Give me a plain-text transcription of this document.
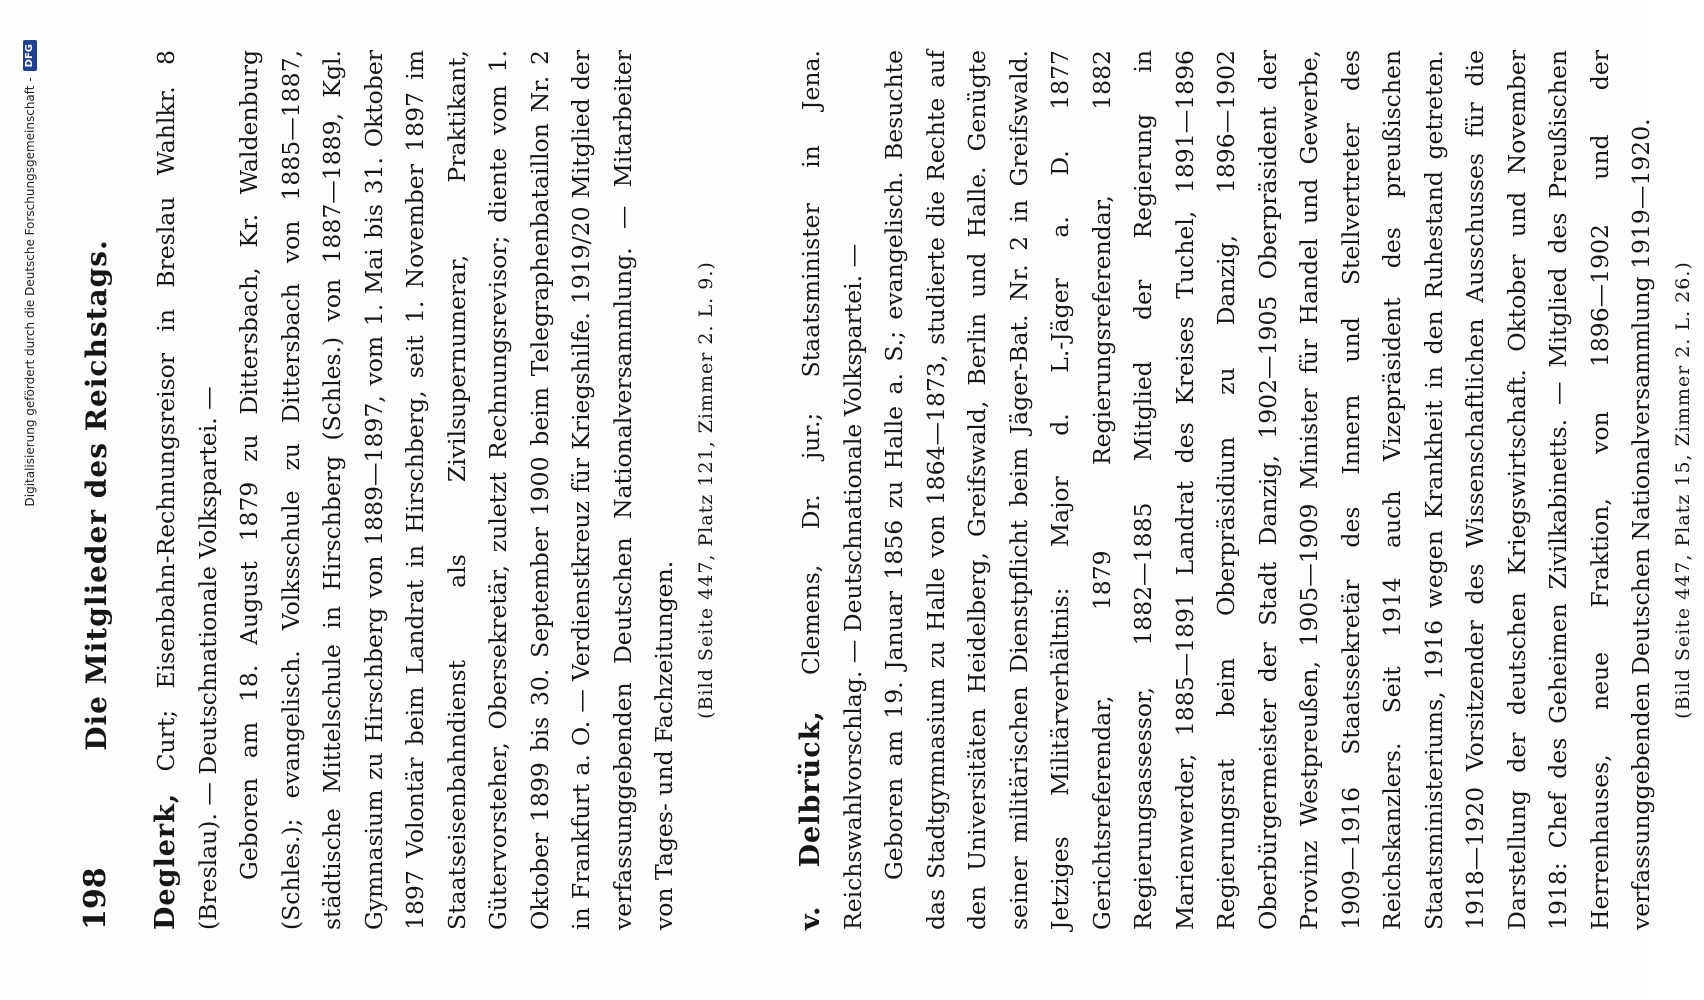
Digitalisierung gefördert durch die Deutsche Forschungsgemeinschaft -
DFG
198
Die Mitglieder des Reichstags.

Deglerk, Curt; Eisenbahn-Rechnungsreisor in Breslau Wahlkr. 8 (Breslau). — Deutschnationale Volkspartei. — Geboren am 18. August 1879 zu Dittersbach, Kr. Waldenburg (Schles.); evangelisch. Volksschule zu Dittersbach von 1885—1887, städtische Mittelschule in Hirschberg (Schles.) von 1887—1889, Kgl. Gymnasium zu Hirschberg von 1889—1897, vom 1. Mai bis 31. Oktober 1897 Volontär beim Landrat in Hirschberg, seit 1. November 1897 im Staatseisenbahndienst als Zivilsupernumerar, Praktikant, Gütervorsteher, Obersekretär, zuletzt Rechnungsrevisor; diente vom 1. Oktober 1899 bis 30. September 1900 beim Telegraphenbataillon Nr. 2 in Frankfurt a. O. — Verdienstkreuz für Kriegshilfe. 1919/20 Mitglied der verfassunggebenden Deutschen Nationalversammlung. — Mitarbeiter von Tages- und Fachzeitungen.

(Bild Seite 447, Platz 121, Zimmer 2. L. 9.)

v. Delbrück, Clemens, Dr. jur.; Staatsminister in Jena. Reichswahlvorschlag. — Deutschnationale Volkspartei. — Geboren am 19. Januar 1856 zu Halle a. S.; evangelisch. Besuchte das Stadtgymnasium zu Halle von 1864—1873, studierte die Rechte auf den Universitäten Heidelberg, Greifswald, Berlin und Halle. Genügte seiner militärischen Dienstpflicht beim Jäger-Bat. Nr. 2 in Greifswald. Jetziges Militärverhältnis: Major d. L.-Jäger a. D. 1877 Gerichtsreferendar, 1879 Regierungsreferendar, 1882 Regierungsassessor, 1882—1885 Mitglied der Regierung in Marienwerder, 1885—1891 Landrat des Kreises Tuchel, 1891—1896 Regierungsrat beim Oberpräsidium zu Danzig, 1896—1902 Oberbürgermeister der Stadt Danzig, 1902—1905 Oberpräsident der Provinz Westpreußen, 1905—1909 Minister für Handel und Gewerbe, 1909—1916 Staatssekretär des Innern und Stellvertreter des Reichskanzlers. Seit 1914 auch Vizepräsident des preußischen Staatsministeriums, 1916 wegen Krankheit in den Ruhestand getreten. 1918—1920 Vorsitzender des Wissenschaftlichen Ausschusses für die Darstellung der deutschen Kriegswirtschaft. Oktober und November 1918: Chef des Geheimen Zivilkabinetts. — Mitglied des Preußischen Herrenhauses, neue Fraktion, von 1896—1902 und der verfassunggebenden Deutschen Nationalversammlung 1919—1920. (Bild Seite 447, Platz 15, Zimmer 2. L. 26.)
